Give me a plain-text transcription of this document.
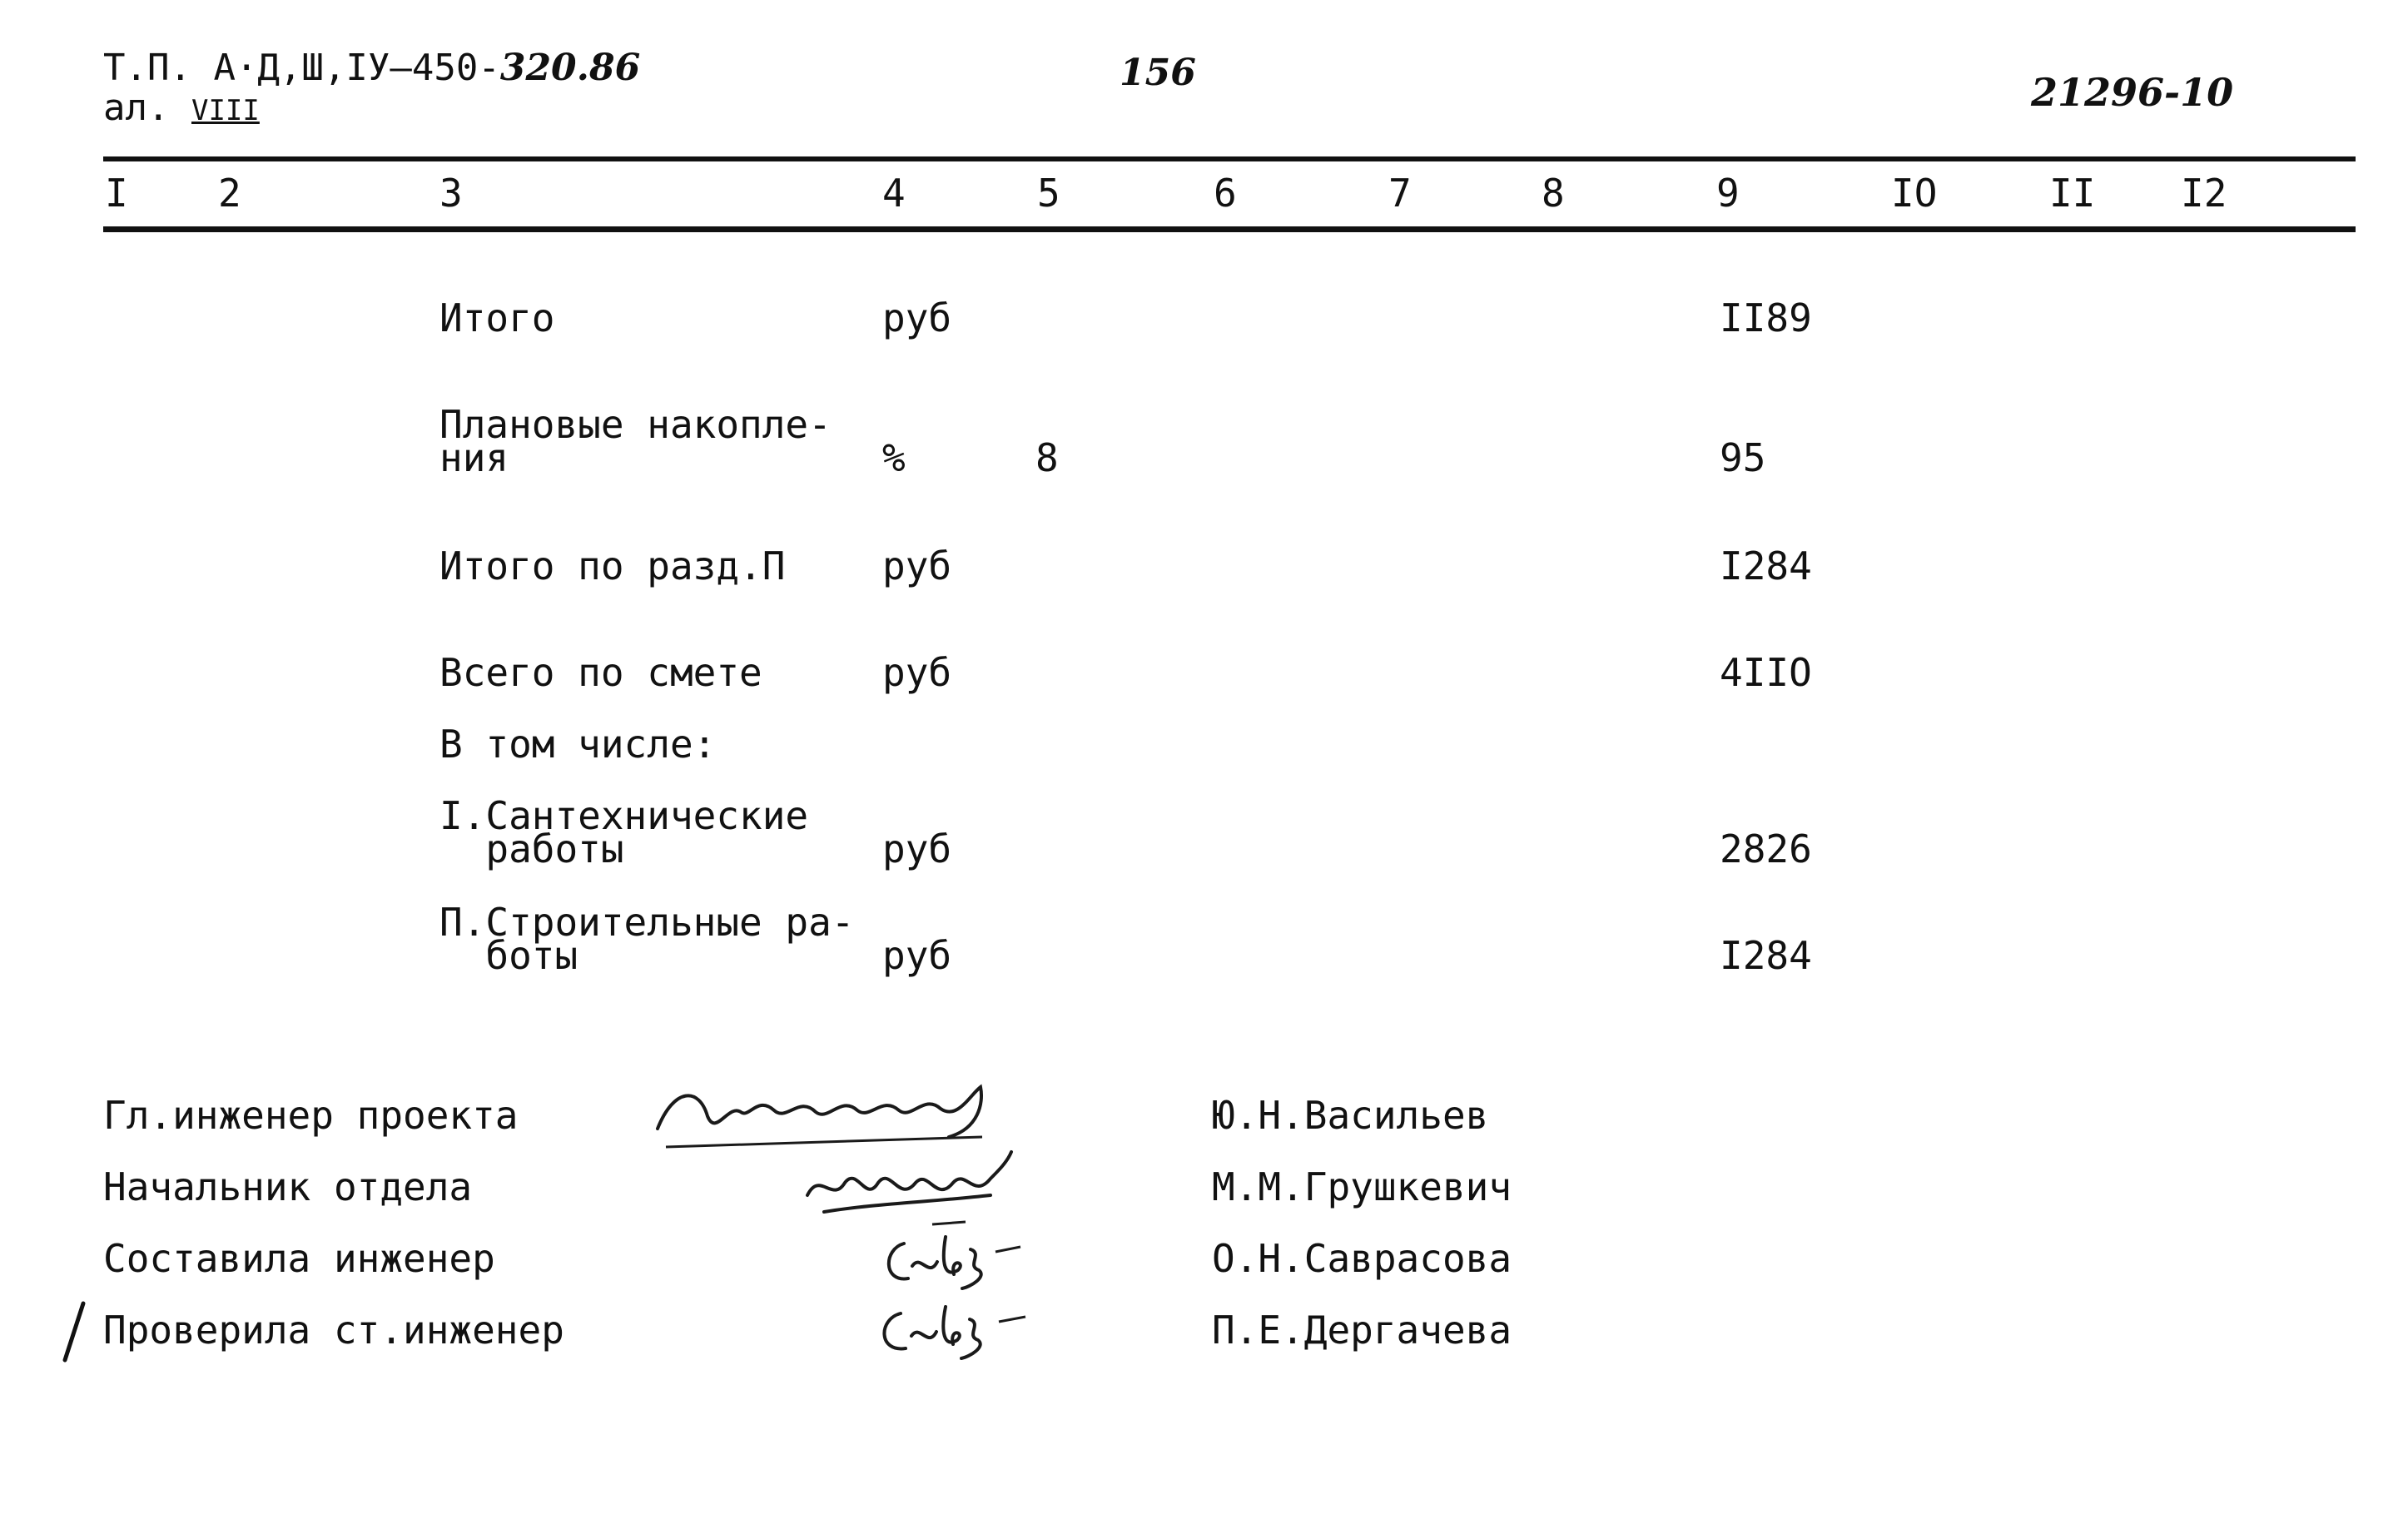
Т.П. А·Д,Ш,IУ–450-320.86
ал. VIII
156	21296-10
I 2	3	4	5	6	7	8	9	IO	II I2
Итого	руб	II89
Плановые накопле-
ния	%	8	95
Итого по разд.П	руб	I284
Всего по смете	руб	4IIO
В том числе:
I.Сантехнические
работы	руб	2826
П.Строительные ра-
боты	руб	I284
Гл.инженер проекта	Ю.Н.Васильев
Начальник отдела	М.М.Грушкевич
Составила инженер	О.Н.Саврасова
Проверила ст.инженер	П.Е.Дергачева
